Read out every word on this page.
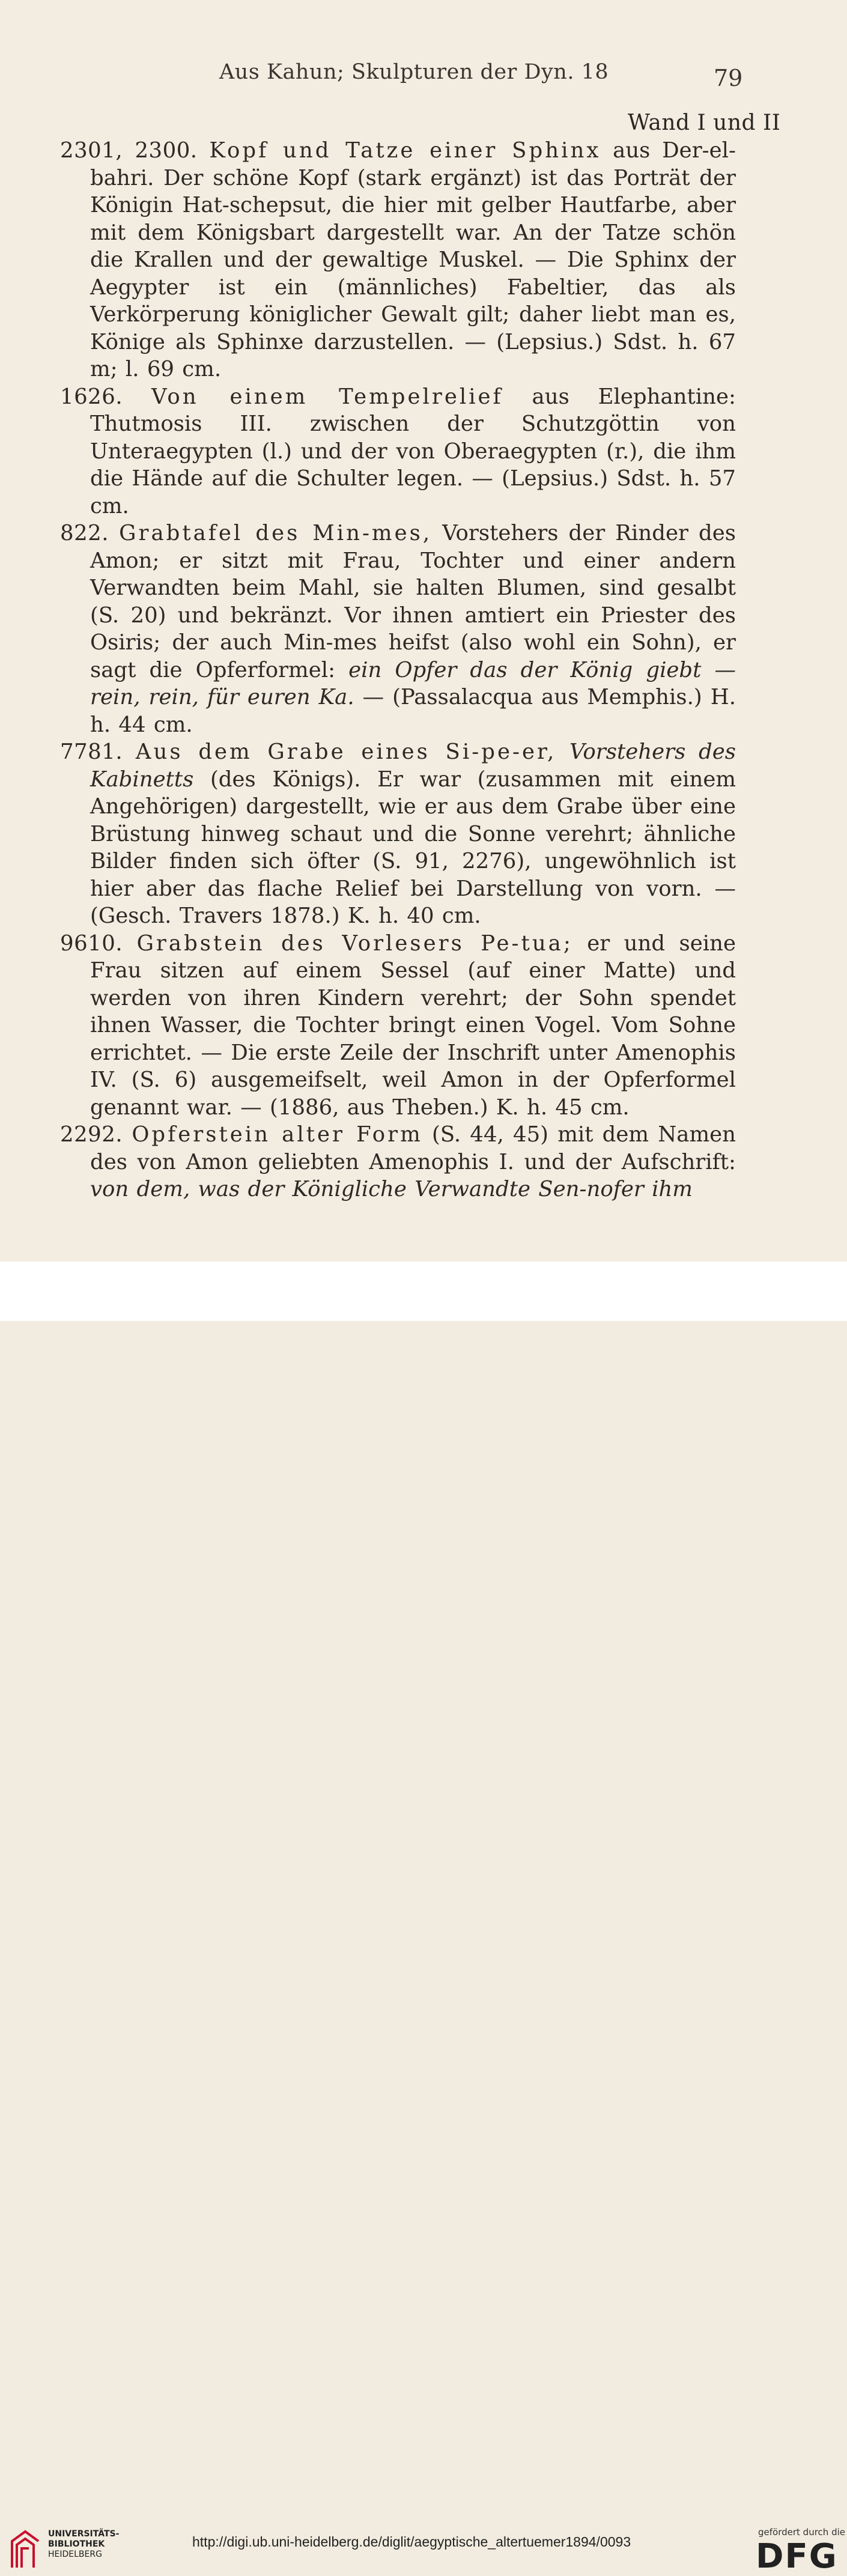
Aus Kahun; Skulpturen der Dyn. 18	79
Wand I und II

2301, 2300. Kopf und Tatze einer Sphinx aus Der-el-bahri. Der schöne Kopf (stark ergänzt) ist das Porträt der Königin Hat-schepsut, die hier mit gelber Hautfarbe, aber mit dem Königsbart dargestellt war. An der Tatze schön die Krallen und der gewaltige Muskel. — Die Sphinx der Aegypter ist ein (männliches) Fabeltier, das als Verkörperung königlicher Gewalt gilt; daher liebt man es, Könige als Sphinxe darzustellen. — (Lepsius.) Sdst. h. 67 m; l. 69 cm.

1626. Von einem Tempelrelief aus Elephantine: Thutmosis III. zwischen der Schutzgöttin von Unteraegypten (l.) und der von Oberaegypten (r.), die ihm die Hände auf die Schulter legen. — (Lepsius.) Sdst. h. 57 cm.

822. Grabtafel des Min-mes, Vorstehers der Rinder des Amon; er sitzt mit Frau, Tochter und einer andern Verwandten beim Mahl, sie halten Blumen, sind gesalbt (S. 20) und bekränzt. Vor ihnen amtiert ein Priester des Osiris; der auch Min-mes heifst (also wohl ein Sohn), er sagt die Opferformel: ein Opfer das der König giebt — rein, rein, für euren Ka. — (Passalacqua aus Memphis.) H. h. 44 cm.

7781. Aus dem Grabe eines Si-pe-er, Vorstehers des Kabinetts (des Königs). Er war (zusammen mit einem Angehörigen) dargestellt, wie er aus dem Grabe über eine Brüstung hinweg schaut und die Sonne verehrt; ähnliche Bilder finden sich öfter (S. 91, 2276), ungewöhnlich ist hier aber das flache Relief bei Darstellung von vorn. — (Gesch. Travers 1878.) K. h. 40 cm.

9610. Grabstein des Vorlesers Pe-tua; er und seine Frau sitzen auf einem Sessel (auf einer Matte) und werden von ihren Kindern verehrt; der Sohn spendet ihnen Wasser, die Tochter bringt einen Vogel. Vom Sohne errichtet. — Die erste Zeile der Inschrift unter Amenophis IV. (S. 6) ausgemeifselt, weil Amon in der Opferformel genannt war. — (1886, aus Theben.) K. h. 45 cm.

2292. Opferstein alter Form (S. 44, 45) mit dem Namen des von Amon geliebten Amenophis I. und der Aufschrift: von dem, was der Königliche Verwandte Sen-nofer ihm

UNIVERSITÄTS-
BIBLIOTHEK
HEIDELBERG
http://digi.ub.uni-heidelberg.de/diglit/aegyptische_altertuemer1894/0093
gefördert durch die
DFG
